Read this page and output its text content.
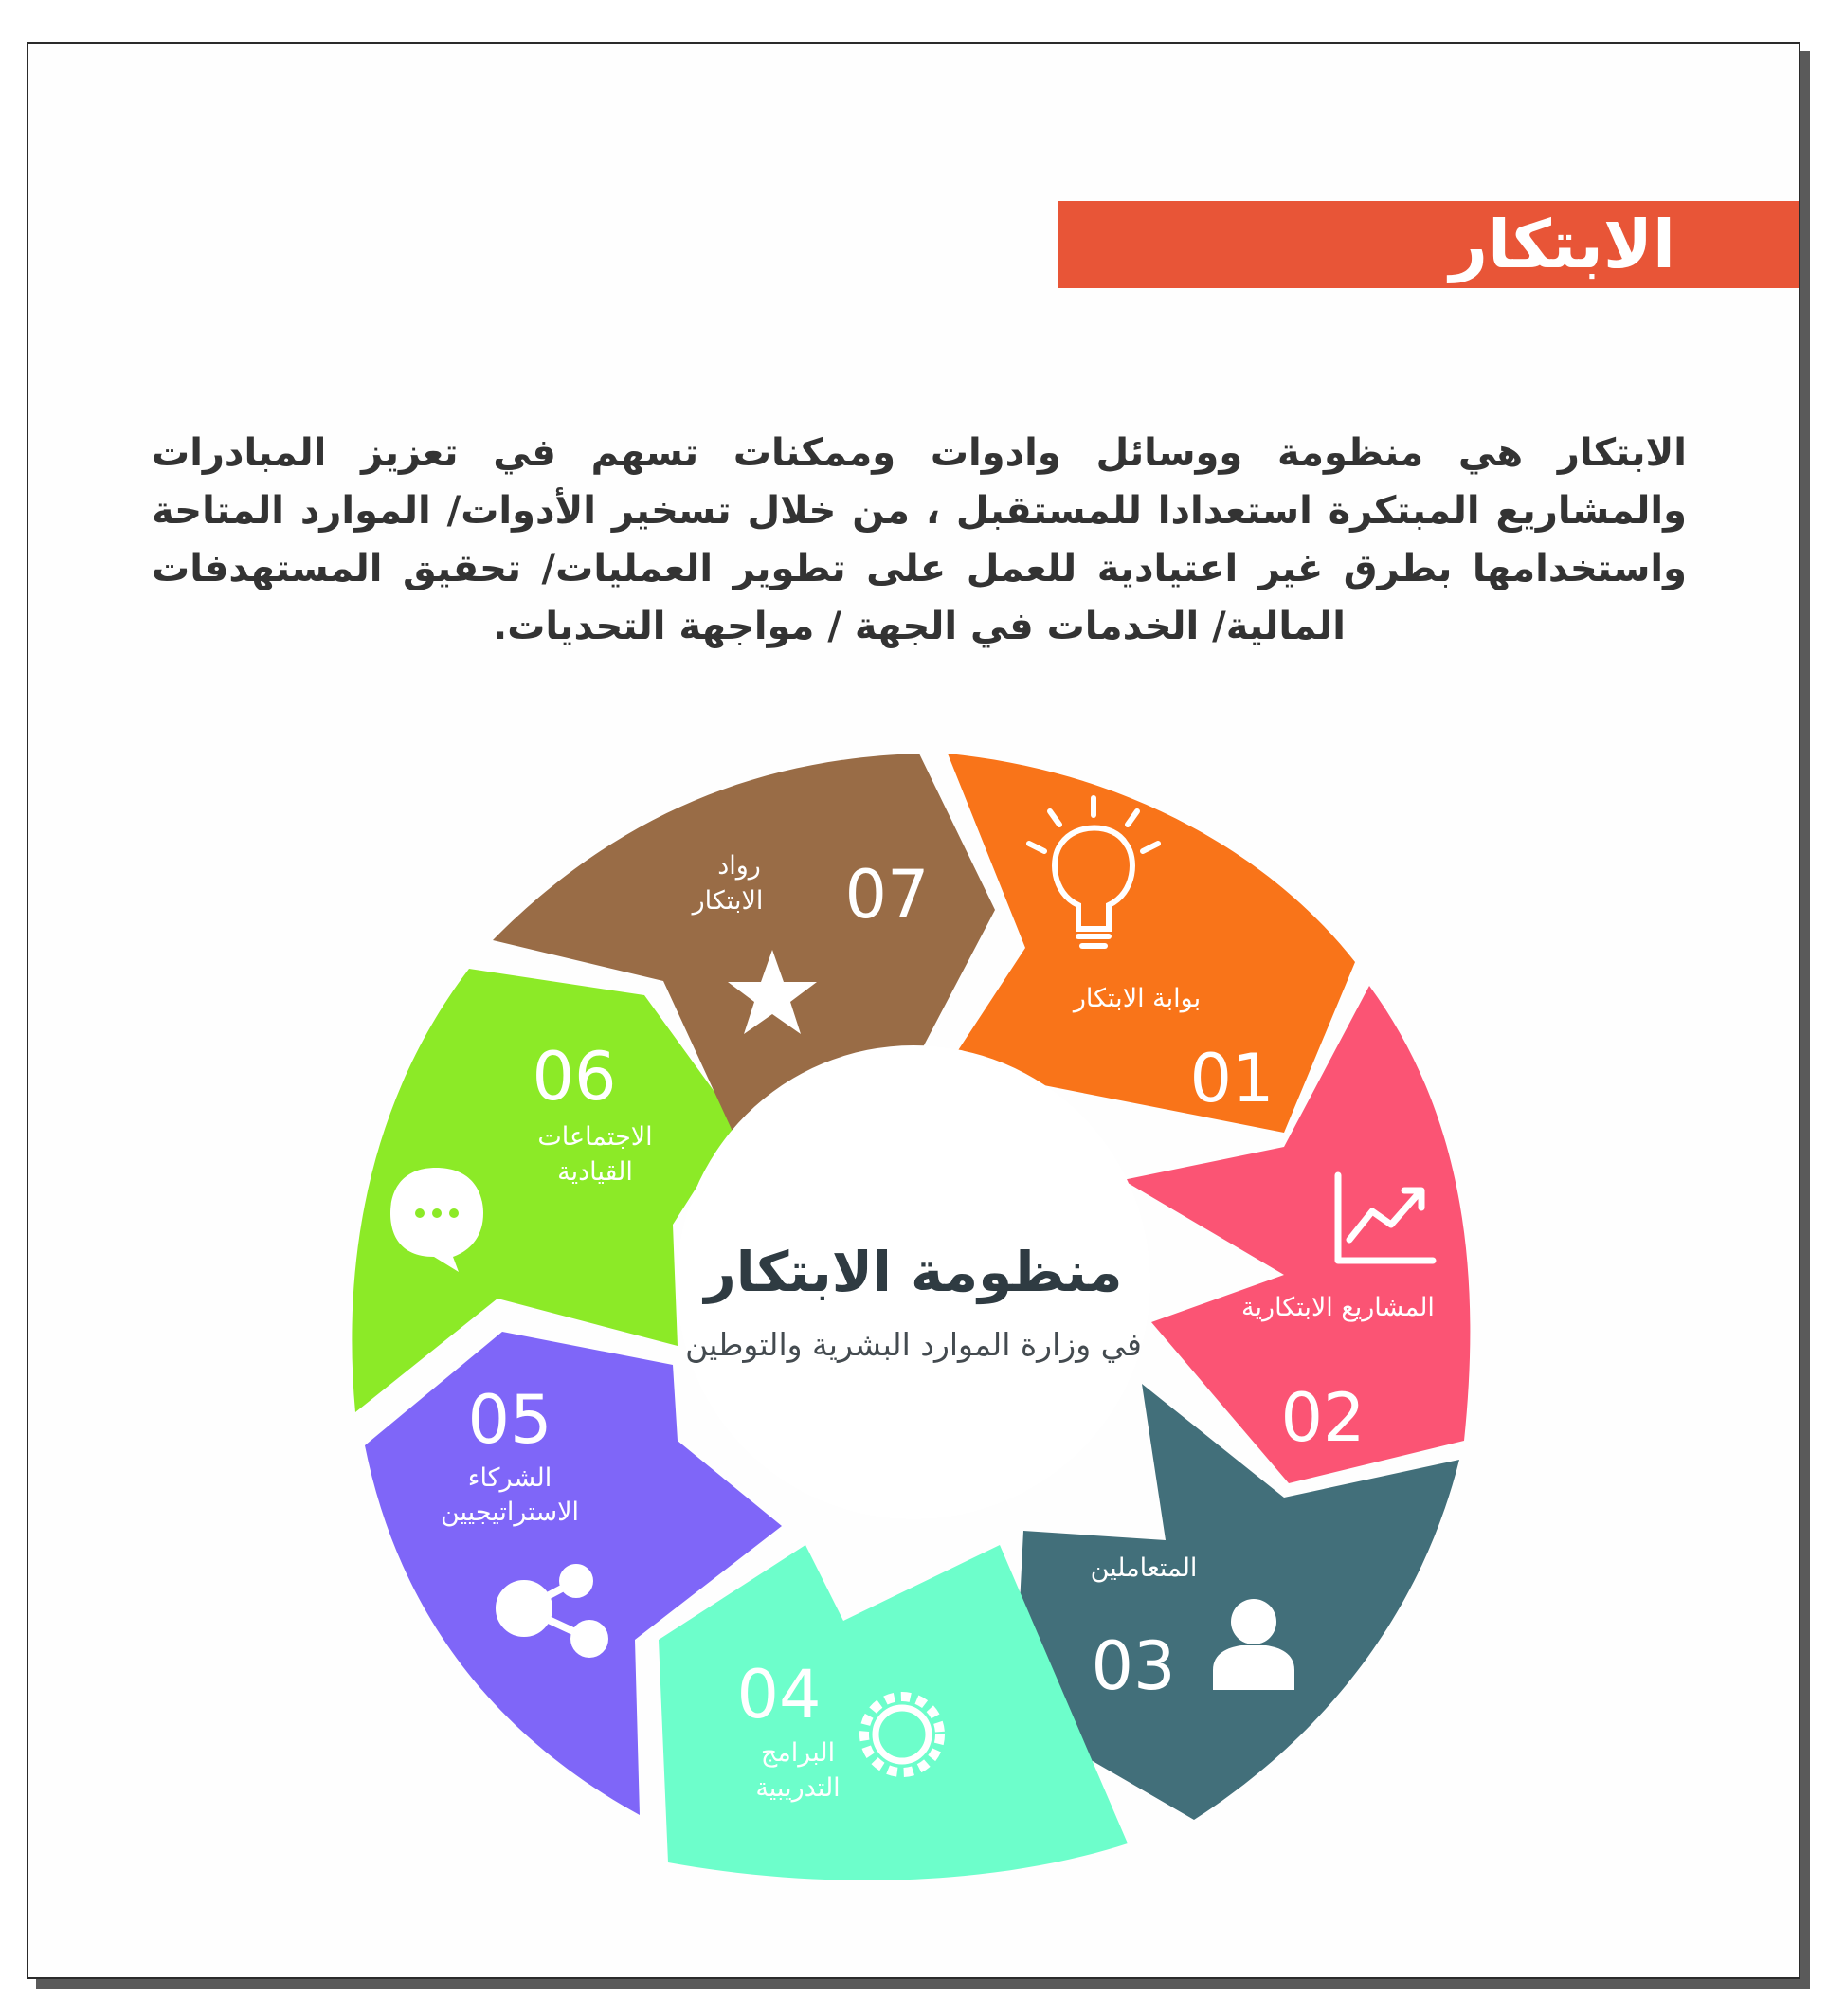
الابتكار

الابتكار هي منظومة ووسائل وادوات وممكنات تسهم في تعزيز المبادرات والمشاريع المبتكرة استعدادا للمستقبل ، من خلال تسخير الأدوات/ الموارد المتاحة واستخدامها بطرق غير اعتيادية للعمل على تطوير العمليات/ تحقيق المستهدفات المالية/ الخدمات في الجهة / مواجهة التحديات.

بوابة الابتكار
01
المشاريع الابتكارية
02
المتعاملين
03
04
البرامج
التدريبية
05
الشركاء
الاستراتيجيين
06
الاجتماعات
القيادية
رواد
الابتكار 07
منظومة الابتكار
في وزارة الموارد البشرية والتوطين
